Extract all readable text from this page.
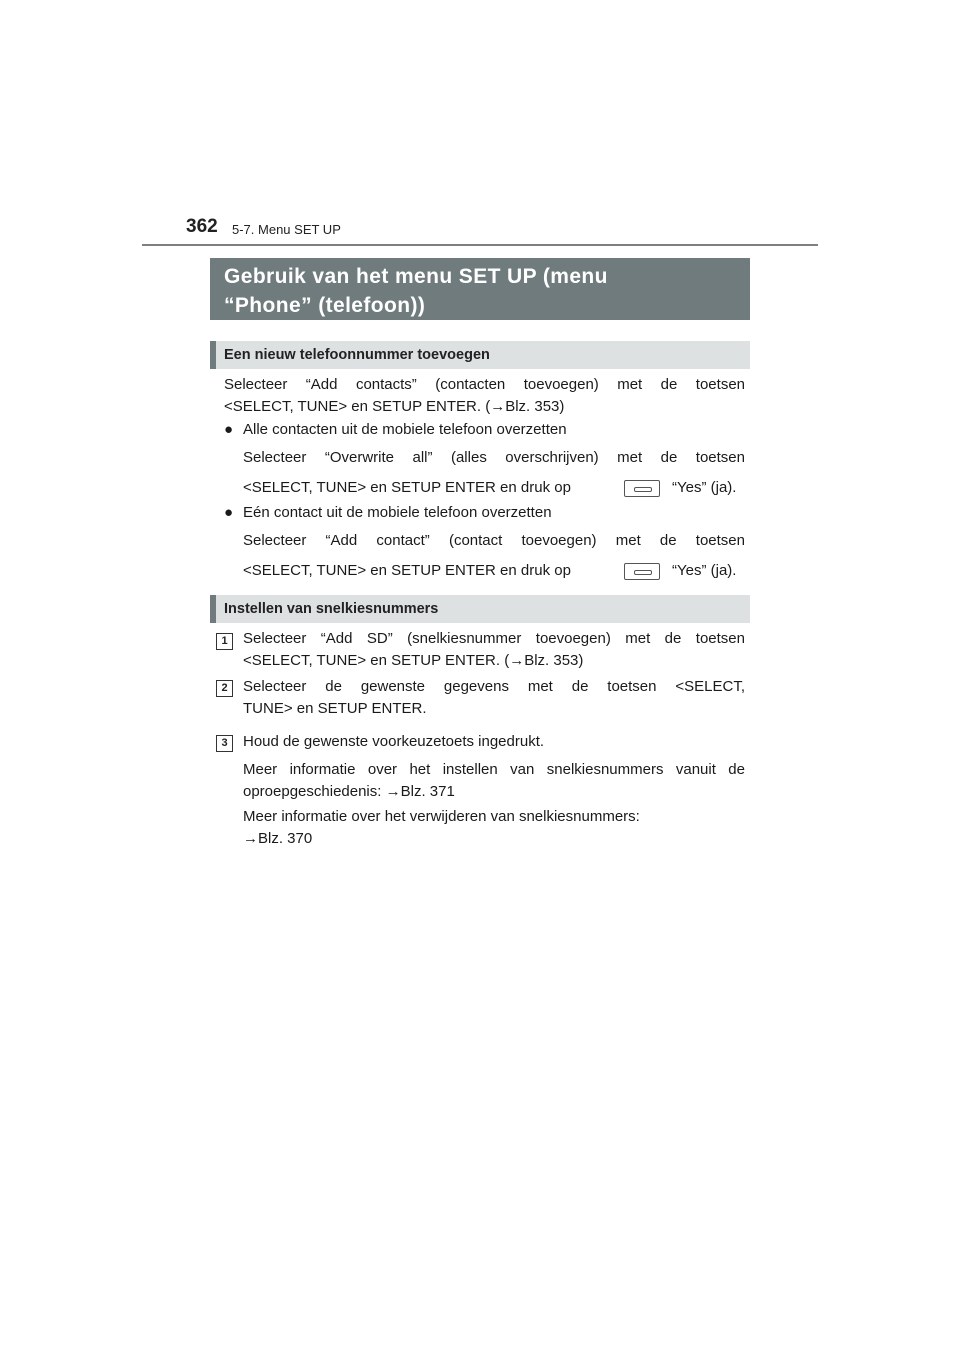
362 5-7. Menu SET UP
Gebruik van het menu SET UP (menu
“Phone” (telefoon))
Een nieuw telefoonnummer toevoegen
Selecteer “Add contacts” (contacten toevoegen) met de toetsen
<SELECT, TUNE> en SETUP ENTER. (→Blz. 353)
● Alle contacten uit de mobiele telefoon overzetten
Selecteer “Overwrite all” (alles overschrijven) met de toetsen
<SELECT, TUNE> en SETUP ENTER en druk op	“Yes” (ja).
● Eén contact uit de mobiele telefoon overzetten
Selecteer “Add contact” (contact toevoegen) met de toetsen
<SELECT, TUNE> en SETUP ENTER en druk op	“Yes” (ja).
Instellen van snelkiesnummers
1	Selecteer “Add SD” (snelkiesnummer toevoegen) met de toetsen
<SELECT, TUNE> en SETUP ENTER. (→Blz. 353)
2	Selecteer de gewenste gegevens met de toetsen <SELECT,
TUNE> en SETUP ENTER.
3	Houd de gewenste voorkeuzetoets ingedrukt.
Meer informatie over het instellen van snelkiesnummers vanuit de
oproepgeschiedenis: →Blz. 371
Meer informatie over het verwijderen van snelkiesnummers:
→Blz. 370
